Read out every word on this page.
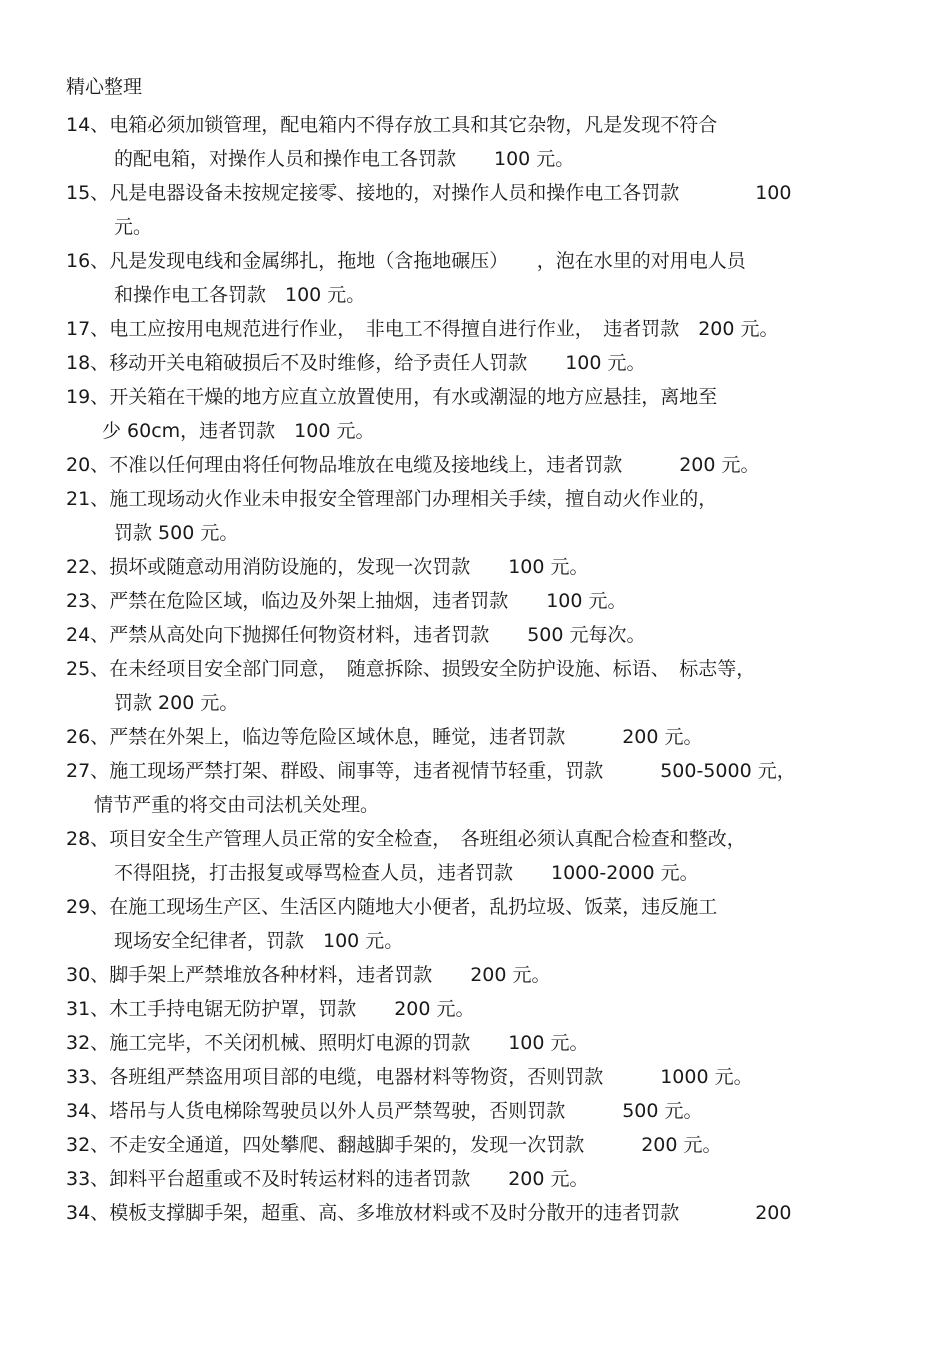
精心整理
14、电箱必须加锁管理，配电箱内不得存放工具和其它杂物，凡是发现不符合
的配电箱，对操作人员和操作电工各罚款　　100 元。
15、凡是电器设备未按规定接零、接地的，对操作人员和操作电工各罚款　　　　100
元。
16、凡是发现电线和金属绑扎，拖地（含拖地碾压）　　，泡在水里的对用电人员
和操作电工各罚款　100 元。
17、电工应按用电规范进行作业，　非电工不得擅自进行作业，　违者罚款　200 元。
18、移动开关电箱破损后不及时维修，给予责任人罚款　　100 元。
19、开关箱在干燥的地方应直立放置使用，有水或潮湿的地方应悬挂，离地至
少 60cm，违者罚款　100 元。
20、不准以任何理由将任何物品堆放在电缆及接地线上，违者罚款　　　200 元。
21、施工现场动火作业未申报安全管理部门办理相关手续，擅自动火作业的，
罚款 500 元。
22、损坏或随意动用消防设施的，发现一次罚款　　100 元。
23、严禁在危险区域，临边及外架上抽烟，违者罚款　　100 元。
24、严禁从高处向下抛掷任何物资材料，违者罚款　　500 元每次。
25、在未经项目安全部门同意，　随意拆除、损毁安全防护设施、标语、　标志等，
罚款 200 元。
26、严禁在外架上，临边等危险区域休息，睡觉，违者罚款　　　200 元。
27、施工现场严禁打架、群殴、闹事等，违者视情节轻重，罚款　　　500-5000 元，
情节严重的将交由司法机关处理。
28、项目安全生产管理人员正常的安全检查，　各班组必须认真配合检查和整改，
不得阻挠，打击报复或辱骂检查人员，违者罚款　　1000-2000 元。
29、在施工现场生产区、生活区内随地大小便者，乱扔垃圾、饭菜，违反施工
现场安全纪律者，罚款　100 元。
30、脚手架上严禁堆放各种材料，违者罚款　　200 元。
31、木工手持电锯无防护罩，罚款　　200 元。
32、施工完毕，不关闭机械、照明灯电源的罚款　　100 元。
33、各班组严禁盗用项目部的电缆，电器材料等物资，否则罚款　　　1000 元。
34、塔吊与人货电梯除驾驶员以外人员严禁驾驶，否则罚款　　　500 元。
32、不走安全通道，四处攀爬、翻越脚手架的，发现一次罚款　　　200 元。
33、卸料平台超重或不及时转运材料的违者罚款　　200 元。
34、模板支撑脚手架，超重、高、多堆放材料或不及时分散开的违者罚款　　　　200
